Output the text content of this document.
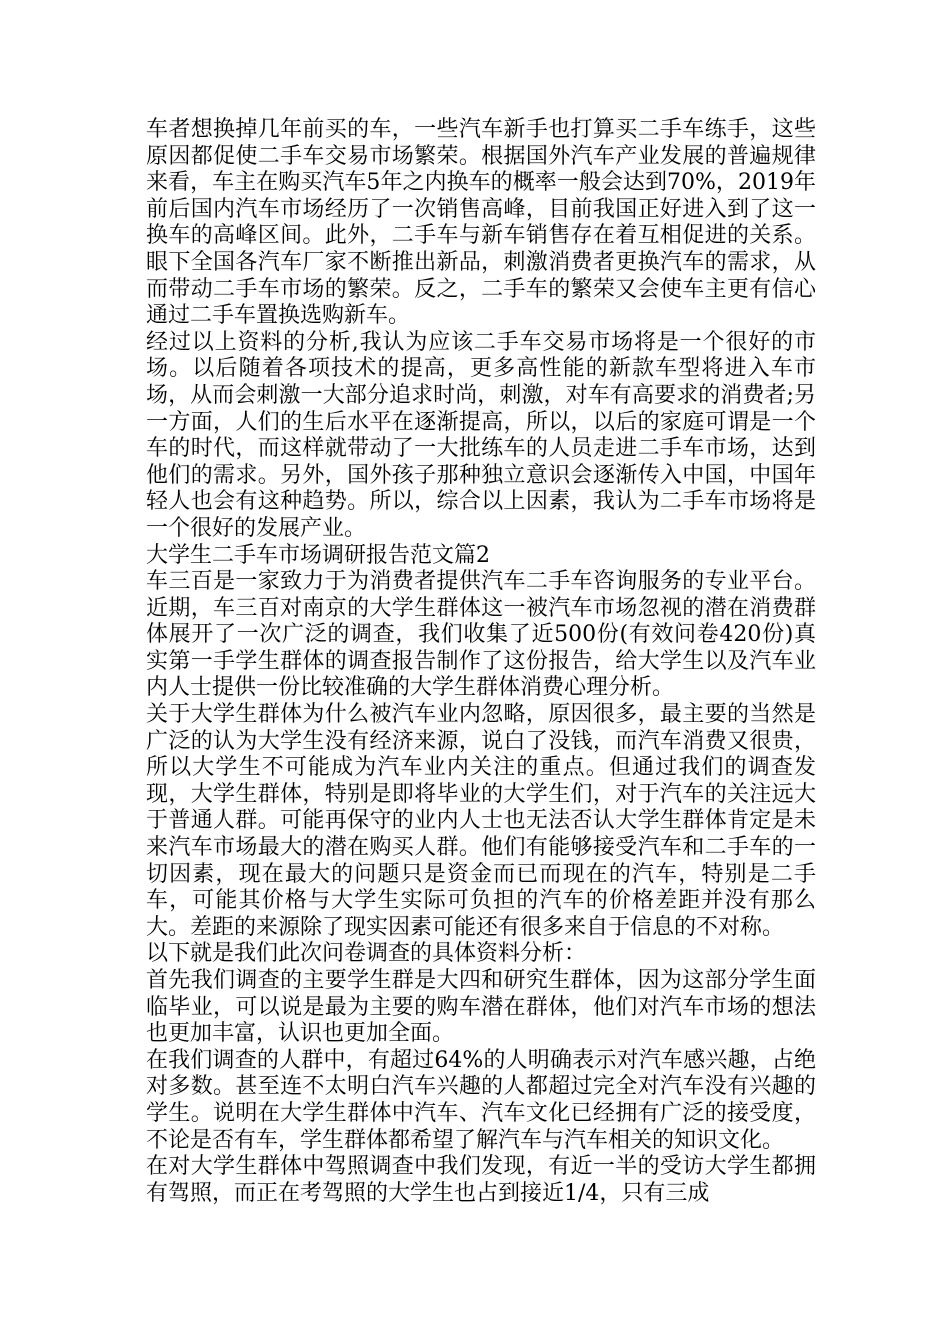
车者想换掉几年前买的车，一些汽车新手也打算买二手车练手，这些原因都促使二手车交易市场繁荣。根据国外汽车产业发展的普遍规律来看，车主在购买汽车5年之内换车的概率一般会达到70%，2019年前后国内汽车市场经历了一次销售高峰，目前我国正好进入到了这一换车的高峰区间。此外，二手车与新车销售存在着互相促进的关系。眼下全国各汽车厂家不断推出新品，刺激消费者更换汽车的需求，从而带动二手车市场的繁荣。反之，二手车的繁荣又会使车主更有信心通过二手车置换选购新车。

经过以上资料的分析,我认为应该二手车交易市场将是一个很好的市场。以后随着各项技术的提高，更多高性能的新款车型将进入车市场，从而会刺激一大部分追求时尚，刺激，对车有高要求的消费者;另一方面，人们的生后水平在逐渐提高，所以，以后的家庭可谓是一个车的时代，而这样就带动了一大批练车的人员走进二手车市场，达到他们的需求。另外，国外孩子那种独立意识会逐渐传入中国，中国年轻人也会有这种趋势。所以，综合以上因素，我认为二手车市场将是一个很好的发展产业。

大学生二手车市场调研报告范文篇2

车三百是一家致力于为消费者提供汽车二手车咨询服务的专业平台。近期，车三百对南京的大学生群体这一被汽车市场忽视的潜在消费群体展开了一次广泛的调查，我们收集了近500份(有效问卷420份)真实第一手学生群体的调查报告制作了这份报告，给大学生以及汽车业内人士提供一份比较准确的大学生群体消费心理分析。

关于大学生群体为什么被汽车业内忽略，原因很多，最主要的当然是广泛的认为大学生没有经济来源，说白了没钱，而汽车消费又很贵，所以大学生不可能成为汽车业内关注的重点。但通过我们的调查发现，大学生群体，特别是即将毕业的大学生们，对于汽车的关注远大于普通人群。可能再保守的业内人士也无法否认大学生群体肯定是未来汽车市场最大的潜在购买人群。他们有能够接受汽车和二手车的一切因素，现在最大的问题只是资金而已而现在的汽车，特别是二手车，可能其价格与大学生实际可负担的汽车的价格差距并没有那么大。差距的来源除了现实因素可能还有很多来自于信息的不对称。

以下就是我们此次问卷调查的具体资料分析：

首先我们调查的主要学生群是大四和研究生群体，因为这部分学生面临毕业，可以说是最为主要的购车潜在群体，他们对汽车市场的想法也更加丰富，认识也更加全面。

在我们调查的人群中，有超过64%的人明确表示对汽车感兴趣，占绝对多数。甚至连不太明白汽车兴趣的人都超过完全对汽车没有兴趣的学生。说明在大学生群体中汽车、汽车文化已经拥有广泛的接受度，不论是否有车，学生群体都希望了解汽车与汽车相关的知识文化。

在对大学生群体中驾照调查中我们发现，有近一半的受访大学生都拥有驾照，而正在考驾照的大学生也占到接近1/4，只有三成
